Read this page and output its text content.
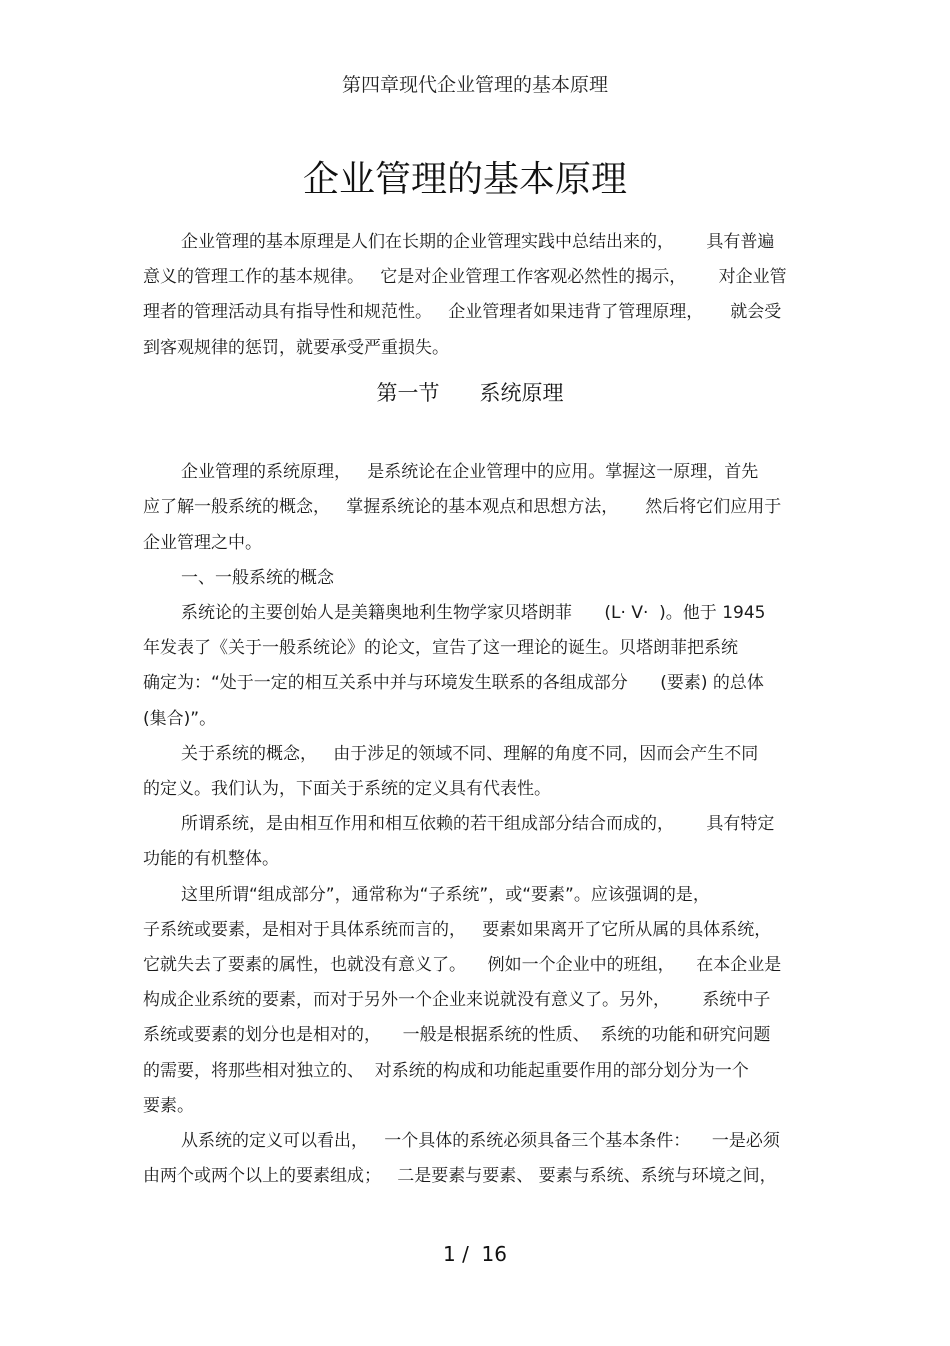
第四章现代企业管理的基本原理
企业管理的基本原理
企业管理的基本原理是人们在长期的企业管理实践中总结出来的，      具有普遍
意义的管理工作的基本规律。   它是对企业管理工作客观必然性的揭示，      对企业管
理者的管理活动具有指导性和规范性。   企业管理者如果违背了管理原理，     就会受
到客观规律的惩罚，就要承受严重损失。
第一节      系统原理
企业管理的系统原理，   是系统论在企业管理中的应用。掌握这一原理，首先
应了解一般系统的概念，   掌握系统论的基本观点和思想方法，     然后将它们应用于
企业管理之中。
一、一般系统的概念
系统论的主要创始人是美籍奥地利生物学家贝塔朗菲      (L· V·  )。他于 1945
年发表了《关于一般系统论》的论文，宣告了这一理论的诞生。贝塔朗菲把系统
确定为：“处于一定的相互关系中并与环境发生联系的各组成部分      (要素) 的总体
(集合)”。
关于系统的概念，   由于涉足的领域不同、理解的角度不同，因而会产生不同
的定义。我们认为，下面关于系统的定义具有代表性。
所谓系统，是由相互作用和相互依赖的若干组成部分结合而成的，      具有特定
功能的有机整体。
这里所谓“组成部分”，通常称为“子系统”，或“要素”。应该强调的是，
子系统或要素，是相对于具体系统而言的，   要素如果离开了它所从属的具体系统，
它就失去了要素的属性，也就没有意义了。    例如一个企业中的班组，    在本企业是
构成企业系统的要素，而对于另外一个企业来说就没有意义了。另外，      系统中子
系统或要素的划分也是相对的，    一般是根据系统的性质、  系统的功能和研究问题
的需要，将那些相对独立的、  对系统的构成和功能起重要作用的部分划分为一个
要素。
从系统的定义可以看出，   一个具体的系统必须具备三个基本条件：    一是必须
由两个或两个以上的要素组成；   二是要素与要素、 要素与系统、系统与环境之间，
1 /  16
